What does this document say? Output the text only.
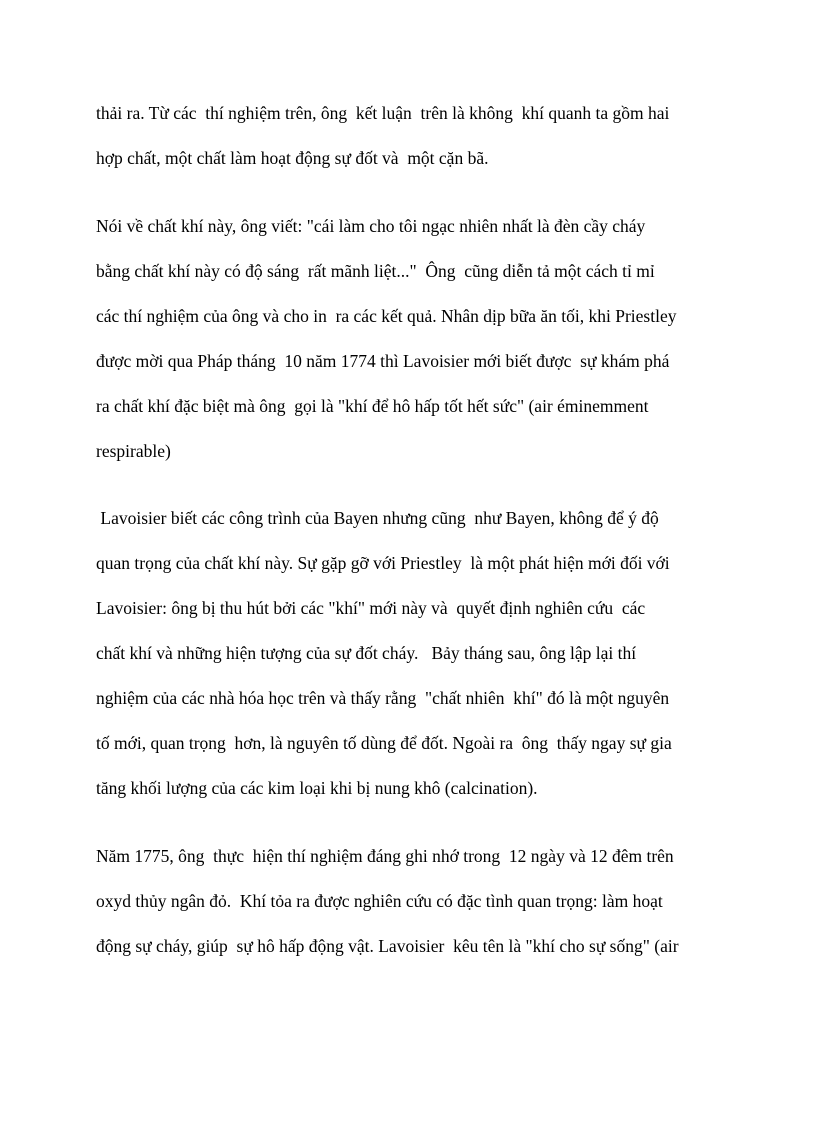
thải ra. Từ các  thí nghiệm trên, ông  kết luận  trên là không  khí quanh ta gồm hai

hợp chất, một chất làm hoạt động sự đốt và  một cặn bã.

Nói về chất khí này, ông viết: "cái làm cho tôi ngạc nhiên nhất là đèn cầy cháy

bằng chất khí này có độ sáng  rất mãnh liệt..."  Ông  cũng diễn tả một cách tỉ mỉ

các thí nghiệm của ông và cho in  ra các kết quả. Nhân dịp bữa ăn tối, khi Priestley

được mời qua Pháp tháng  10 năm 1774 thì Lavoisier mới biết được  sự khám phá

ra chất khí đặc biệt mà ông  gọi là "khí để hô hấp tốt hết sức" (air éminemment

respirable)

Lavoisier biết các công trình của Bayen nhưng cũng  như Bayen, không để ý độ

quan trọng của chất khí này. Sự gặp gỡ với Priestley  là một phát hiện mới đối với

Lavoisier: ông bị thu hút bởi các "khí" mới này và  quyết định nghiên cứu  các

chất khí và những hiện tượng của sự đốt cháy.   Bảy tháng sau, ông lập lại thí

nghiệm của các nhà hóa học trên và thấy rằng  "chất nhiên  khí" đó là một nguyên

tố mới, quan trọng  hơn, là nguyên tố dùng để đốt. Ngoài ra  ông  thấy ngay sự gia

tăng khối lượng của các kim loại khi bị nung khô (calcination).

Năm 1775, ông  thực  hiện thí nghiệm đáng ghi nhớ trong  12 ngày và 12 đêm trên

oxyd thủy ngân đỏ.  Khí tỏa ra được nghiên cứu có đặc tình quan trọng: làm hoạt

động sự cháy, giúp  sự hô hấp động vật. Lavoisier  kêu tên là "khí cho sự sống" (air
